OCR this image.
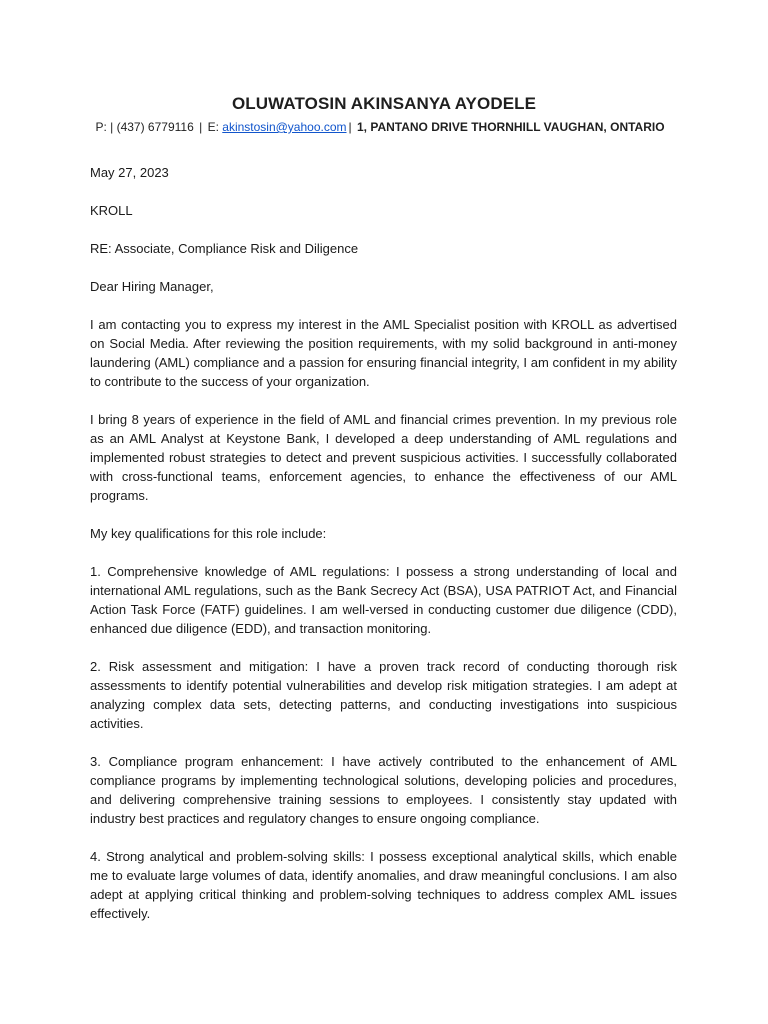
OLUWATOSIN AKINSANYA AYODELE
P: | (437) 6779116 | E: akinstosin@yahoo.com | 1, PANTANO DRIVE THORNHILL VAUGHAN, ONTARIO

May 27, 2023

KROLL

RE: Associate, Compliance Risk and Diligence

Dear Hiring Manager,

I am contacting you to express my interest in the AML Specialist position with KROLL as advertised on Social Media. After reviewing the position requirements, with my solid background in anti-money laundering (AML) compliance and a passion for ensuring financial integrity, I am confident in my ability to contribute to the success of your organization.

I bring 8 years of experience in the field of AML and financial crimes prevention. In my previous role as an AML Analyst at Keystone Bank, I developed a deep understanding of AML regulations and implemented robust strategies to detect and prevent suspicious activities. I successfully collaborated with cross-functional teams, enforcement agencies, to enhance the effectiveness of our AML programs.

My key qualifications for this role include:

1. Comprehensive knowledge of AML regulations: I possess a strong understanding of local and international AML regulations, such as the Bank Secrecy Act (BSA), USA PATRIOT Act, and Financial Action Task Force (FATF) guidelines. I am well-versed in conducting customer due diligence (CDD), enhanced due diligence (EDD), and transaction monitoring.

2. Risk assessment and mitigation: I have a proven track record of conducting thorough risk assessments to identify potential vulnerabilities and develop risk mitigation strategies. I am adept at analyzing complex data sets, detecting patterns, and conducting investigations into suspicious activities.

3. Compliance program enhancement: I have actively contributed to the enhancement of AML compliance programs by implementing technological solutions, developing policies and procedures, and delivering comprehensive training sessions to employees. I consistently stay updated with industry best practices and regulatory changes to ensure ongoing compliance.

4. Strong analytical and problem-solving skills: I possess exceptional analytical skills, which enable me to evaluate large volumes of data, identify anomalies, and draw meaningful conclusions. I am also adept at applying critical thinking and problem-solving techniques to address complex AML issues effectively.
